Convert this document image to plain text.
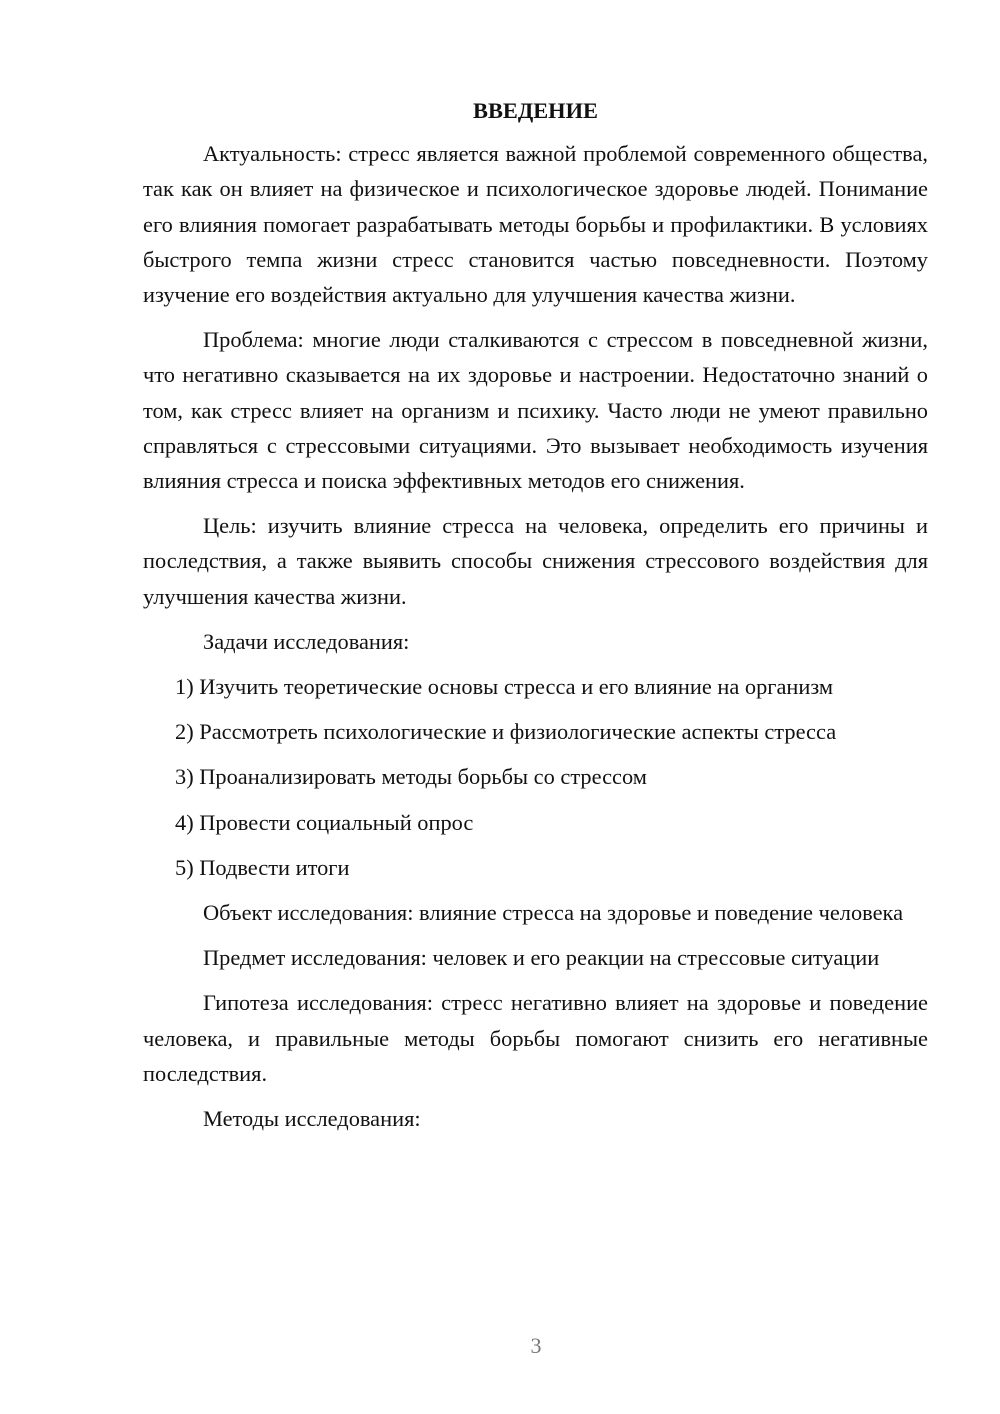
ВВЕДЕНИЕ

Актуальность: стресс является важной проблемой современного общества, так как он влияет на физическое и психологическое здоровье людей. Понимание его влияния помогает разрабатывать методы борьбы и профилактики. В условиях быстрого темпа жизни стресс становится частью повседневности. Поэтому изучение его воздействия актуально для улучшения качества жизни.

Проблема: многие люди сталкиваются с стрессом в повседневной жизни, что негативно сказывается на их здоровье и настроении. Недостаточно знаний о том, как стресс влияет на организм и психику. Часто люди не умеют правильно справляться с стрессовыми ситуациями. Это вызывает необходимость изучения влияния стресса и поиска эффективных методов его снижения.

Цель: изучить влияние стресса на человека, определить его причины и последствия, а также выявить способы снижения стрессового воздействия для улучшения качества жизни.

Задачи исследования:

1) Изучить теоретические основы стресса и его влияние на организм
2) Рассмотреть психологические и физиологические аспекты стресса
3) Проанализировать методы борьбы со стрессом
4) Провести социальный опрос
5) Подвести итоги

Объект исследования: влияние стресса на здоровье и поведение человека

Предмет исследования: человек и его реакции на стрессовые ситуации

Гипотеза исследования: стресс негативно влияет на здоровье и поведение человека, и правильные методы борьбы помогают снизить его негативные последствия.

Методы исследования:

3
